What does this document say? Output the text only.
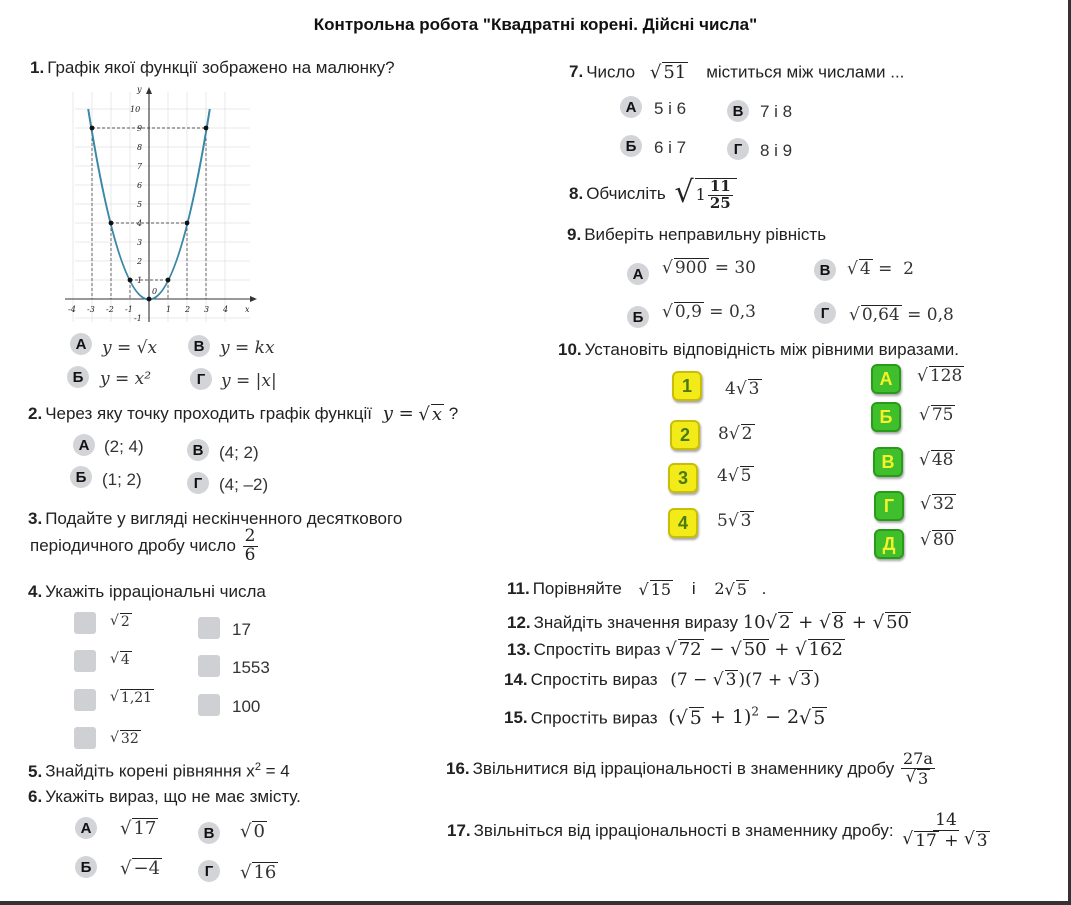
Контрольна робота "Квадратні корені. Дійсні числа"
1. Графік якої функції зображено на малюнку?
y
x
0
-4 -3 -2 -1	1 2 3 4
10
9
8
7
6
5
4
3
2
1
-1
А y = √x	В y = kx
Б y = x²	Г y = |x|
2. Через яку точку проходить графік функції y = √ x ?
А (2; 4)	В (4; 2)
Б (1; 2)	Г (4; –2)
3. Подайте у вигляді нескінченного десяткового
періодичного дробу число $\frac{2}{6}$
4. Укажіть ірраціональні числа
√ 2
√ 4
√ 1,21
√ 32
17
1553
100
5. Знайдіть корені рівняння $x^2 = 4$
6. Укажіть вираз, що не має змісту.
А	√ 17	В	√ 0
Б	√ −4	Г	√ 16
7. Число √ 51 міститься між числами ...
А	5 і 6	В 7 і 8
Б	6 і 7	Г	8 і 9
8. Обчисліть √ $1 \frac{11}{25}$
9. Виберіть неправильну рівність
А	√ 900 = 30	В √ 4 =  2
Б	√ 0,9 = 0,3	Г	√ 0,64 = 0,8
10. Установіть відповідність між рівними виразами.
1	4 √ 3
2	8 √ 2
3	4 √ 5
4	5 √ 3
А	√ 128
Б	√ 75
В	√ 48
Г	√ 32
Д	√ 80
11. Порівняйте √ 15 і 2 √ 5 .
12. Знайдіть значення виразу 10 √ 2 + √ 8 + √ 50
13. Спростіть вираз √ 72 − √ 50 + √ 162
14. Спростіть вираз (7 − √ 3 )(7 + √ 3 )
15. Спростіть вираз ( √ 5 + 1)$^2$ − 2 √ 5
16. Звільнитися від ірраціональності в знаменнику дробу $\frac{27a}{√ 3}$
17. Звільніться від ірраціональності в знаменнику дробу: $\frac{14}{√ 17 + √ 3}$
